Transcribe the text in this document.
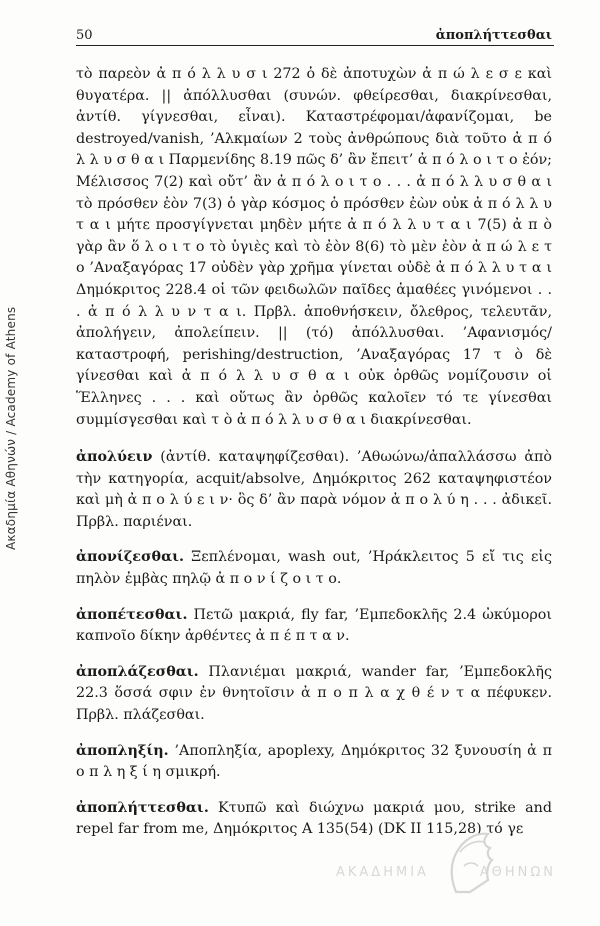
Ακαδημία Αθηνών / Academy of Athens
50	ἀποπλήττεσθαι

τὸ παρεὸν ἀ π ό λ λ υ σ ι 272 ὁ δὲ ἀποτυχὼν ἀ π ώ λ ε σ ε καὶ θυγατέρα. || ἀπόλλυσθαι (συνών. φθείρεσθαι, διακρίνεσθαι, ἀντίθ. γίγνεσθαι, εἶναι). Καταστρέφομαι/ἀφανίζομαι, be destroyed/vanish, ’Αλκμαίων 2 τοὺς ἀνθρώπους διὰ τοῦτο ἀ π ό λ λ υ σ θ α ι Παρμενίδης 8.19 πῶς δ’ ἂν ἔπειτ’ ἀ π ό λ ο ι τ ο ἐόν; Μέλισσος 7(2) καὶ οὔτ’ ἂν ἀ π ό λ ο ι τ ο . . . ἀ π ό λ λ υ σ θ α ι τὸ πρόσθεν ἐὸν 7(3) ὁ γὰρ κόσμος ὁ πρόσθεν ἐὼν οὐκ ἀ π ό λ λ υ τ α ι μήτε προσγίγνεται μηδὲν μήτε ἀ π ό λ λ υ τ α ι 7(5) ἀ π ὸ γὰρ ἂν ὅ λ ο ι τ ο τὸ ὑγιὲς καὶ τὸ ἐὸν 8(6) τὸ μὲν ἐὸν ἀ π ώ λ ε τ ο ’Αναξαγόρας 17 οὐδὲν γὰρ χρῆμα γίνεται οὐδὲ ἀ π ό λ λ υ τ α ι Δημόκριτος 228.4 οἱ τῶν φειδωλῶν παῖδες ἀμαθέες γινόμενοι . . . ἀ π ό λ λ υ ν τ α ι. Πρβλ. ἀποθνήσκειν, ὄλεθρος, τελευτᾶν, ἀπολήγειν, ἀπολείπειν. || (τό) ἀπόλλυσθαι. ’Αφανισμός/καταστροφή, perishing/destruction, ’Αναξαγόρας 17 τ ὸ δὲ γίνεσθαι καὶ ἀ π ό λ λ υ σ θ α ι οὐκ ὀρθῶς νομίζουσιν οἱ Ἕλληνες . . . καὶ οὕτως ἂν ὀρθῶς καλοῖεν τό τε γίνεσθαι συμμίσγεσθαι καὶ τ ὸ ἀ π ό λ λ υ σ θ α ι διακρίνεσθαι.

ἀπολύειν (ἀντίθ. καταψηφίζεσθαι). ’Αθωώνω/ἀπαλλάσσω ἀπὸ τὴν κατηγορία, acquit/absolve, Δημόκριτος 262 καταψηφιστέον καὶ μὴ ἀ π ο λ ύ ε ι ν· ὃς δ’ ἂν παρὰ νόμον ἀ π ο λ ύ η . . . ἀδικεῖ. Πρβλ. παριέναι.

ἀπονίζεσθαι. Ξεπλένομαι, wash out, ’Ηράκλειτος 5 εἴ τις εἰς πηλὸν ἐμβὰς πηλῷ ἀ π ο ν ί ζ ο ι τ ο.

ἀποπέτεσθαι. Πετῶ μακριά, fly far, ’Εμπεδοκλῆς 2.4 ὠκύμοροι καπνοῖο δίκην ἀρθέντες ἀ π έ π τ α ν.

ἀποπλάζεσθαι. Πλανιέμαι μακριά, wander far, ’Εμπεδοκλῆς 22.3 ὅσσά σφιν ἐν θνητοῖσιν ἀ π ο π λ α χ θ έ ν τ α πέφυκεν. Πρβλ. πλάζεσθαι.

ἀποπληξίη. ’Αποπληξία, apoplexy, Δημόκριτος 32 ξυνουσίη ἀ π ο π λ η ξ ί η σμικρή.

ἀποπλήττεσθαι. Κτυπῶ καὶ διώχνω μακριά μου, strike and repel far from me, Δημόκριτος Α 135(54) (DK II 115,28) τό γε

ΑΚΑΔΗΜΙΑ	ΑΘΗΝΩΝ
